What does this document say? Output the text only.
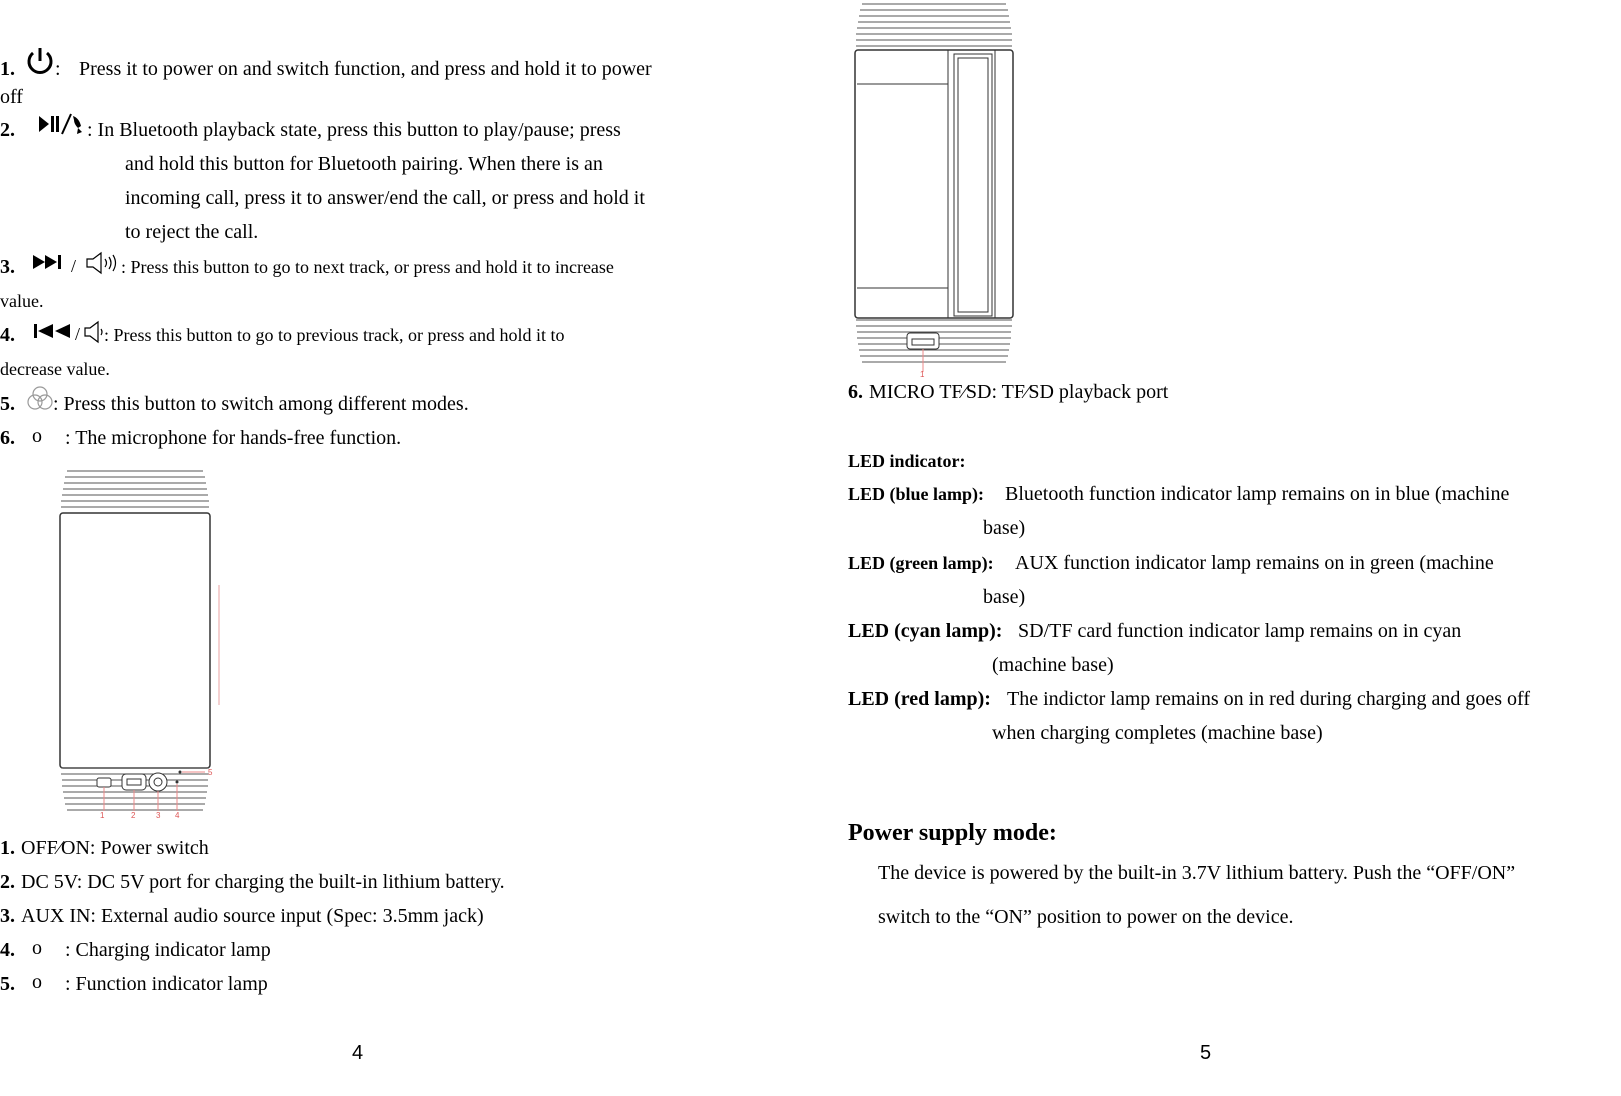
1. : Press it to power on and switch function, and press and hold it to power
off
2.	: In Bluetooth playback state, press this button to play/pause; press
and hold this button for Bluetooth pairing. When there is an
incoming call, press it to answer/end the call, or press and hold it
to reject the call.
3.	/ : Press this button to go to next track, or press and hold it to increase
value.
4.	/ : Press this button to go to previous track, or press and hold it to
decrease value.
5. : Press this button to switch among different modes.
6. o : The microphone for hands-free function.
1	2	3 4
5
1. OFF⁄ON: Power switch
2. DC 5V: DC 5V port for charging the built-in lithium battery.
3. AUX IN: External audio source input (Spec: 3.5mm jack)
4. o : Charging indicator lamp
5. o : Function indicator lamp
4
1
6. MICRO TF⁄SD: TF⁄SD playback port
LED indicator:
LED (blue lamp): Bluetooth function indicator lamp remains on in blue (machine
base)
LED (green lamp): AUX function indicator lamp remains on in green (machine
base)
LED (cyan lamp): SD/TF card function indicator lamp remains on in cyan
(machine base)
LED (red lamp): The indictor lamp remains on in red during charging and goes off
when charging completes (machine base)
Power supply mode:
The device is powered by the built-in 3.7V lithium battery. Push the “OFF/ON”
switch to the “ON” position to power on the device.
5
